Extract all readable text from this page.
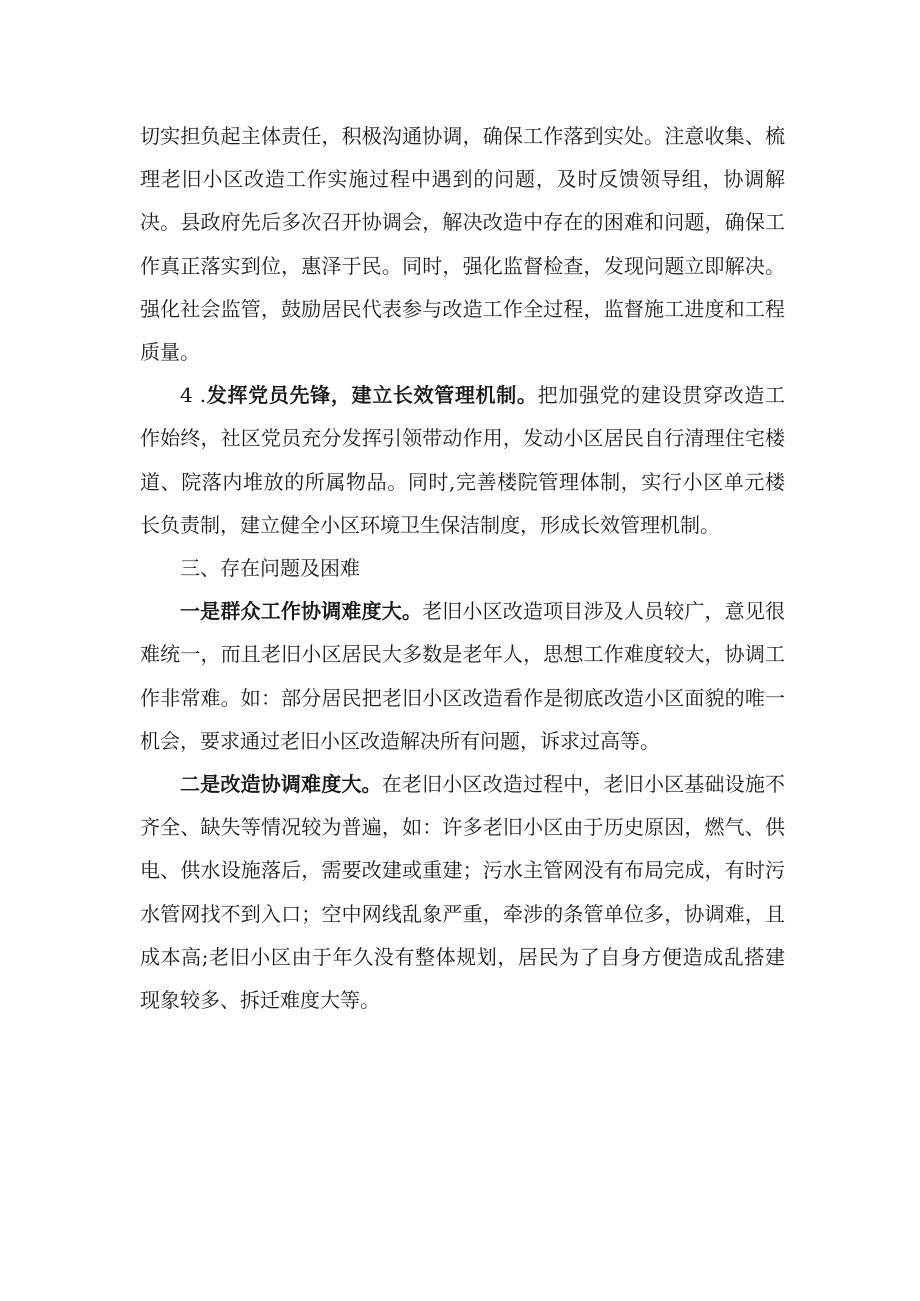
切实担负起主体责任，积极沟通协调，确保工作落到实处。注意收集、梳理老旧小区改造工作实施过程中遇到的问题，及时反馈领导组，协调解决。县政府先后多次召开协调会，解决改造中存在的困难和问题，确保工作真正落实到位，惠泽于民。同时，强化监督检查，发现问题立即解决。强化社会监管，鼓励居民代表参与改造工作全过程，监督施工进度和工程质量。

4 .发挥党员先锋，建立长效管理机制。把加强党的建设贯穿改造工作始终，社区党员充分发挥引领带动作用，发动小区居民自行清理住宅楼道、院落内堆放的所属物品。同时,完善楼院管理体制，实行小区单元楼长负责制，建立健全小区环境卫生保洁制度，形成长效管理机制。

三、存在问题及困难

一是群众工作协调难度大。老旧小区改造项目涉及人员较广，意见很难统一，而且老旧小区居民大多数是老年人，思想工作难度较大，协调工作非常难。如：部分居民把老旧小区改造看作是彻底改造小区面貌的唯一机会，要求通过老旧小区改造解决所有问题，诉求过高等。

二是改造协调难度大。在老旧小区改造过程中，老旧小区基础设施不齐全、缺失等情况较为普遍，如：许多老旧小区由于历史原因，燃气、供电、供水设施落后，需要改建或重建；污水主管网没有布局完成，有时污水管网找不到入口；空中网线乱象严重，牵涉的条管单位多，协调难，且成本高;老旧小区由于年久没有整体规划，居民为了自身方便造成乱搭建现象较多、拆迁难度大等。
